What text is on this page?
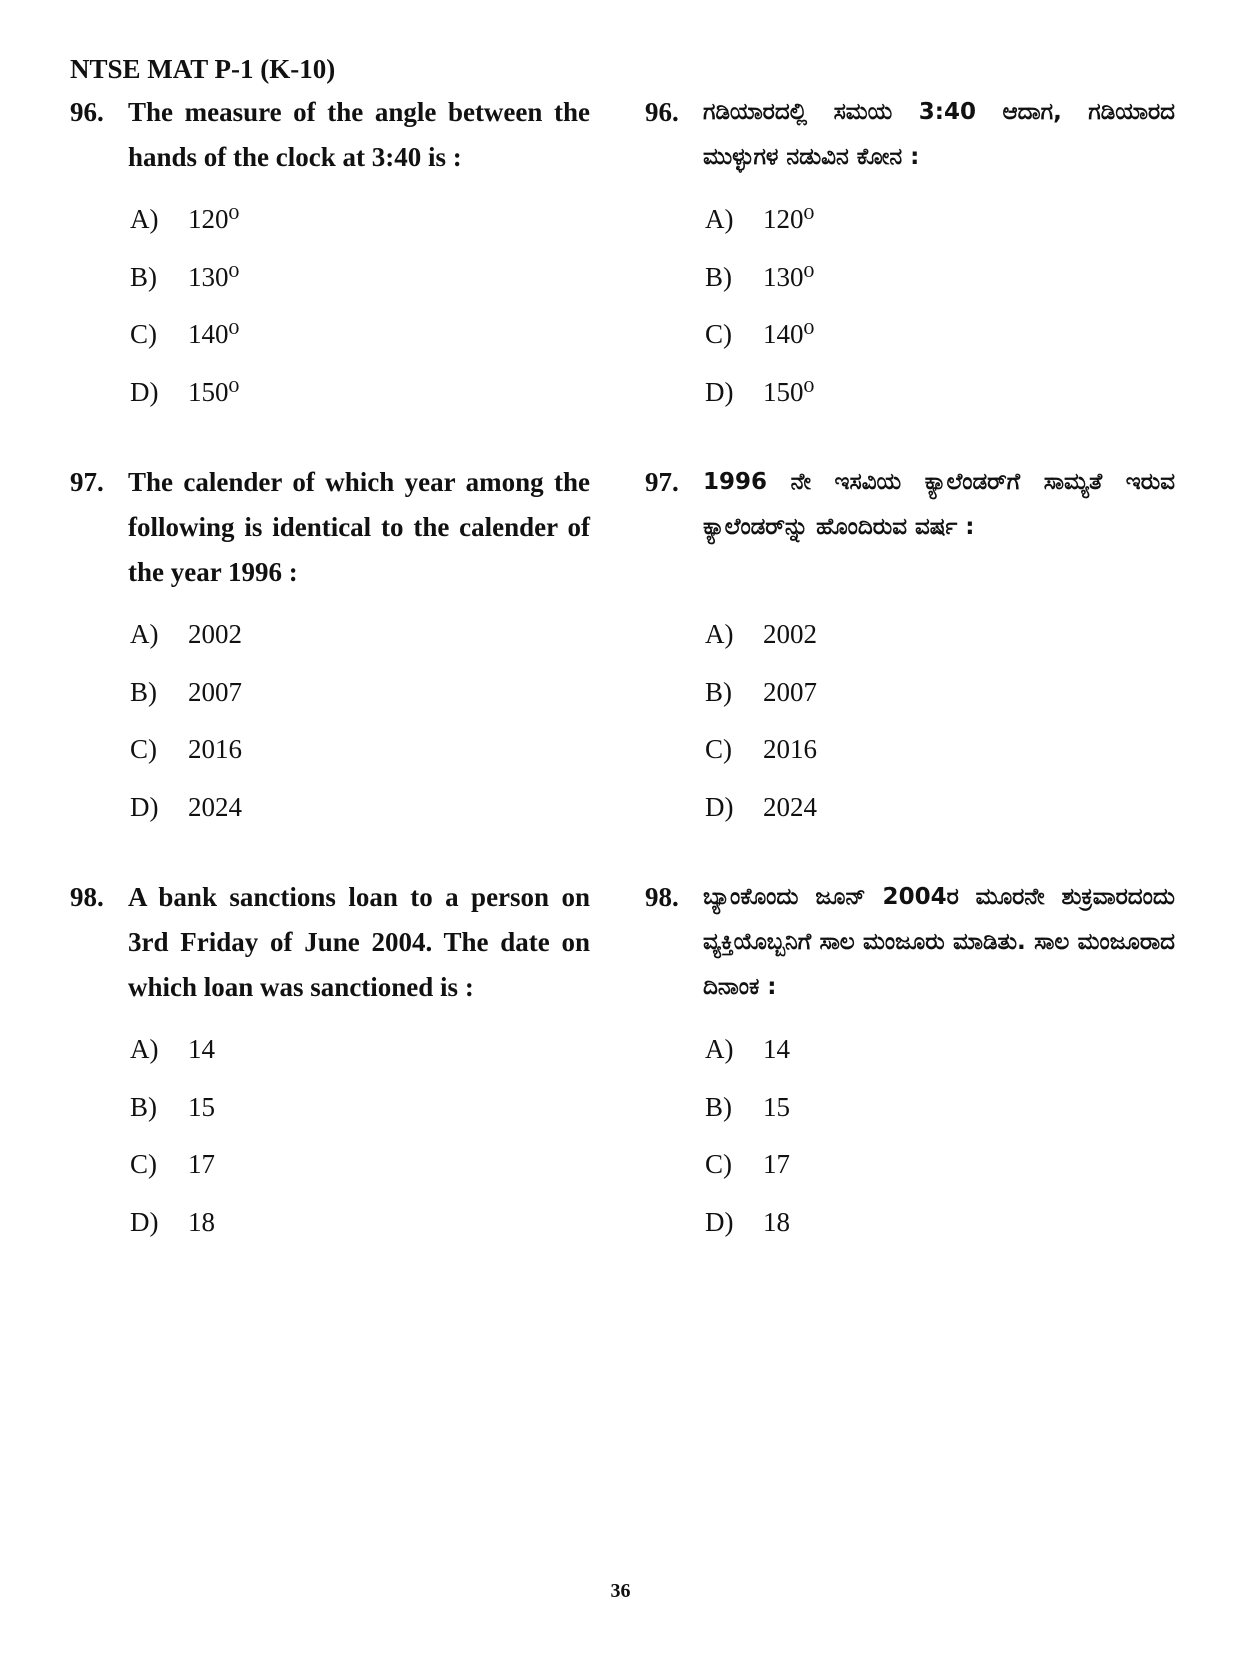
NTSE MAT P-1 (K-10)
96. The measure of the angle between the hands of the clock at 3:40 is :
A)	120⁰
B)	130⁰
C)	140⁰
D)	150⁰
97. The calender of which year among the following is identical to the calender of the year 1996 :
A)	2002
B)	2007
C)	2016
D)	2024
98. A bank sanctions loan to a person on 3rd Friday of June 2004. The date on which loan was sanctioned is :
A)	14
B)	15
C)	17
D)	18
96.	ಗಡಿಯಾರದಲ್ಲಿ ಸಮಯ 3:40 ಆದಾಗ, ಗಡಿಯಾರದ ಮುಳ್ಳುಗಳ ನಡುವಿನ ಕೋನ :
A)	120⁰
B)	130⁰
C)	140⁰
D)	150⁰
97.	1996 ನೇ ಇಸವಿಯ ಕ್ಯಾಲೆಂಡರ್‌ಗೆ ಸಾಮ್ಯತೆ ಇರುವ ಕ್ಯಾಲೆಂಡರ್‌ನ್ನು ಹೊಂದಿರುವ ವರ್ಷ :
A)	2002
B)	2007
C)	2016
D)	2024
98.	ಬ್ಯಾಂಕೊಂದು ಜೂನ್ 2004ರ ಮೂರನೇ ಶುಕ್ರವಾರದಂದು ವ್ಯಕ್ತಿಯೊಬ್ಬನಿಗೆ ಸಾಲ ಮಂಜೂರು ಮಾಡಿತು. ಸಾಲ ಮಂಜೂರಾದ ದಿನಾಂಕ :
A)	14
B)	15
C)	17
D)	18
36
